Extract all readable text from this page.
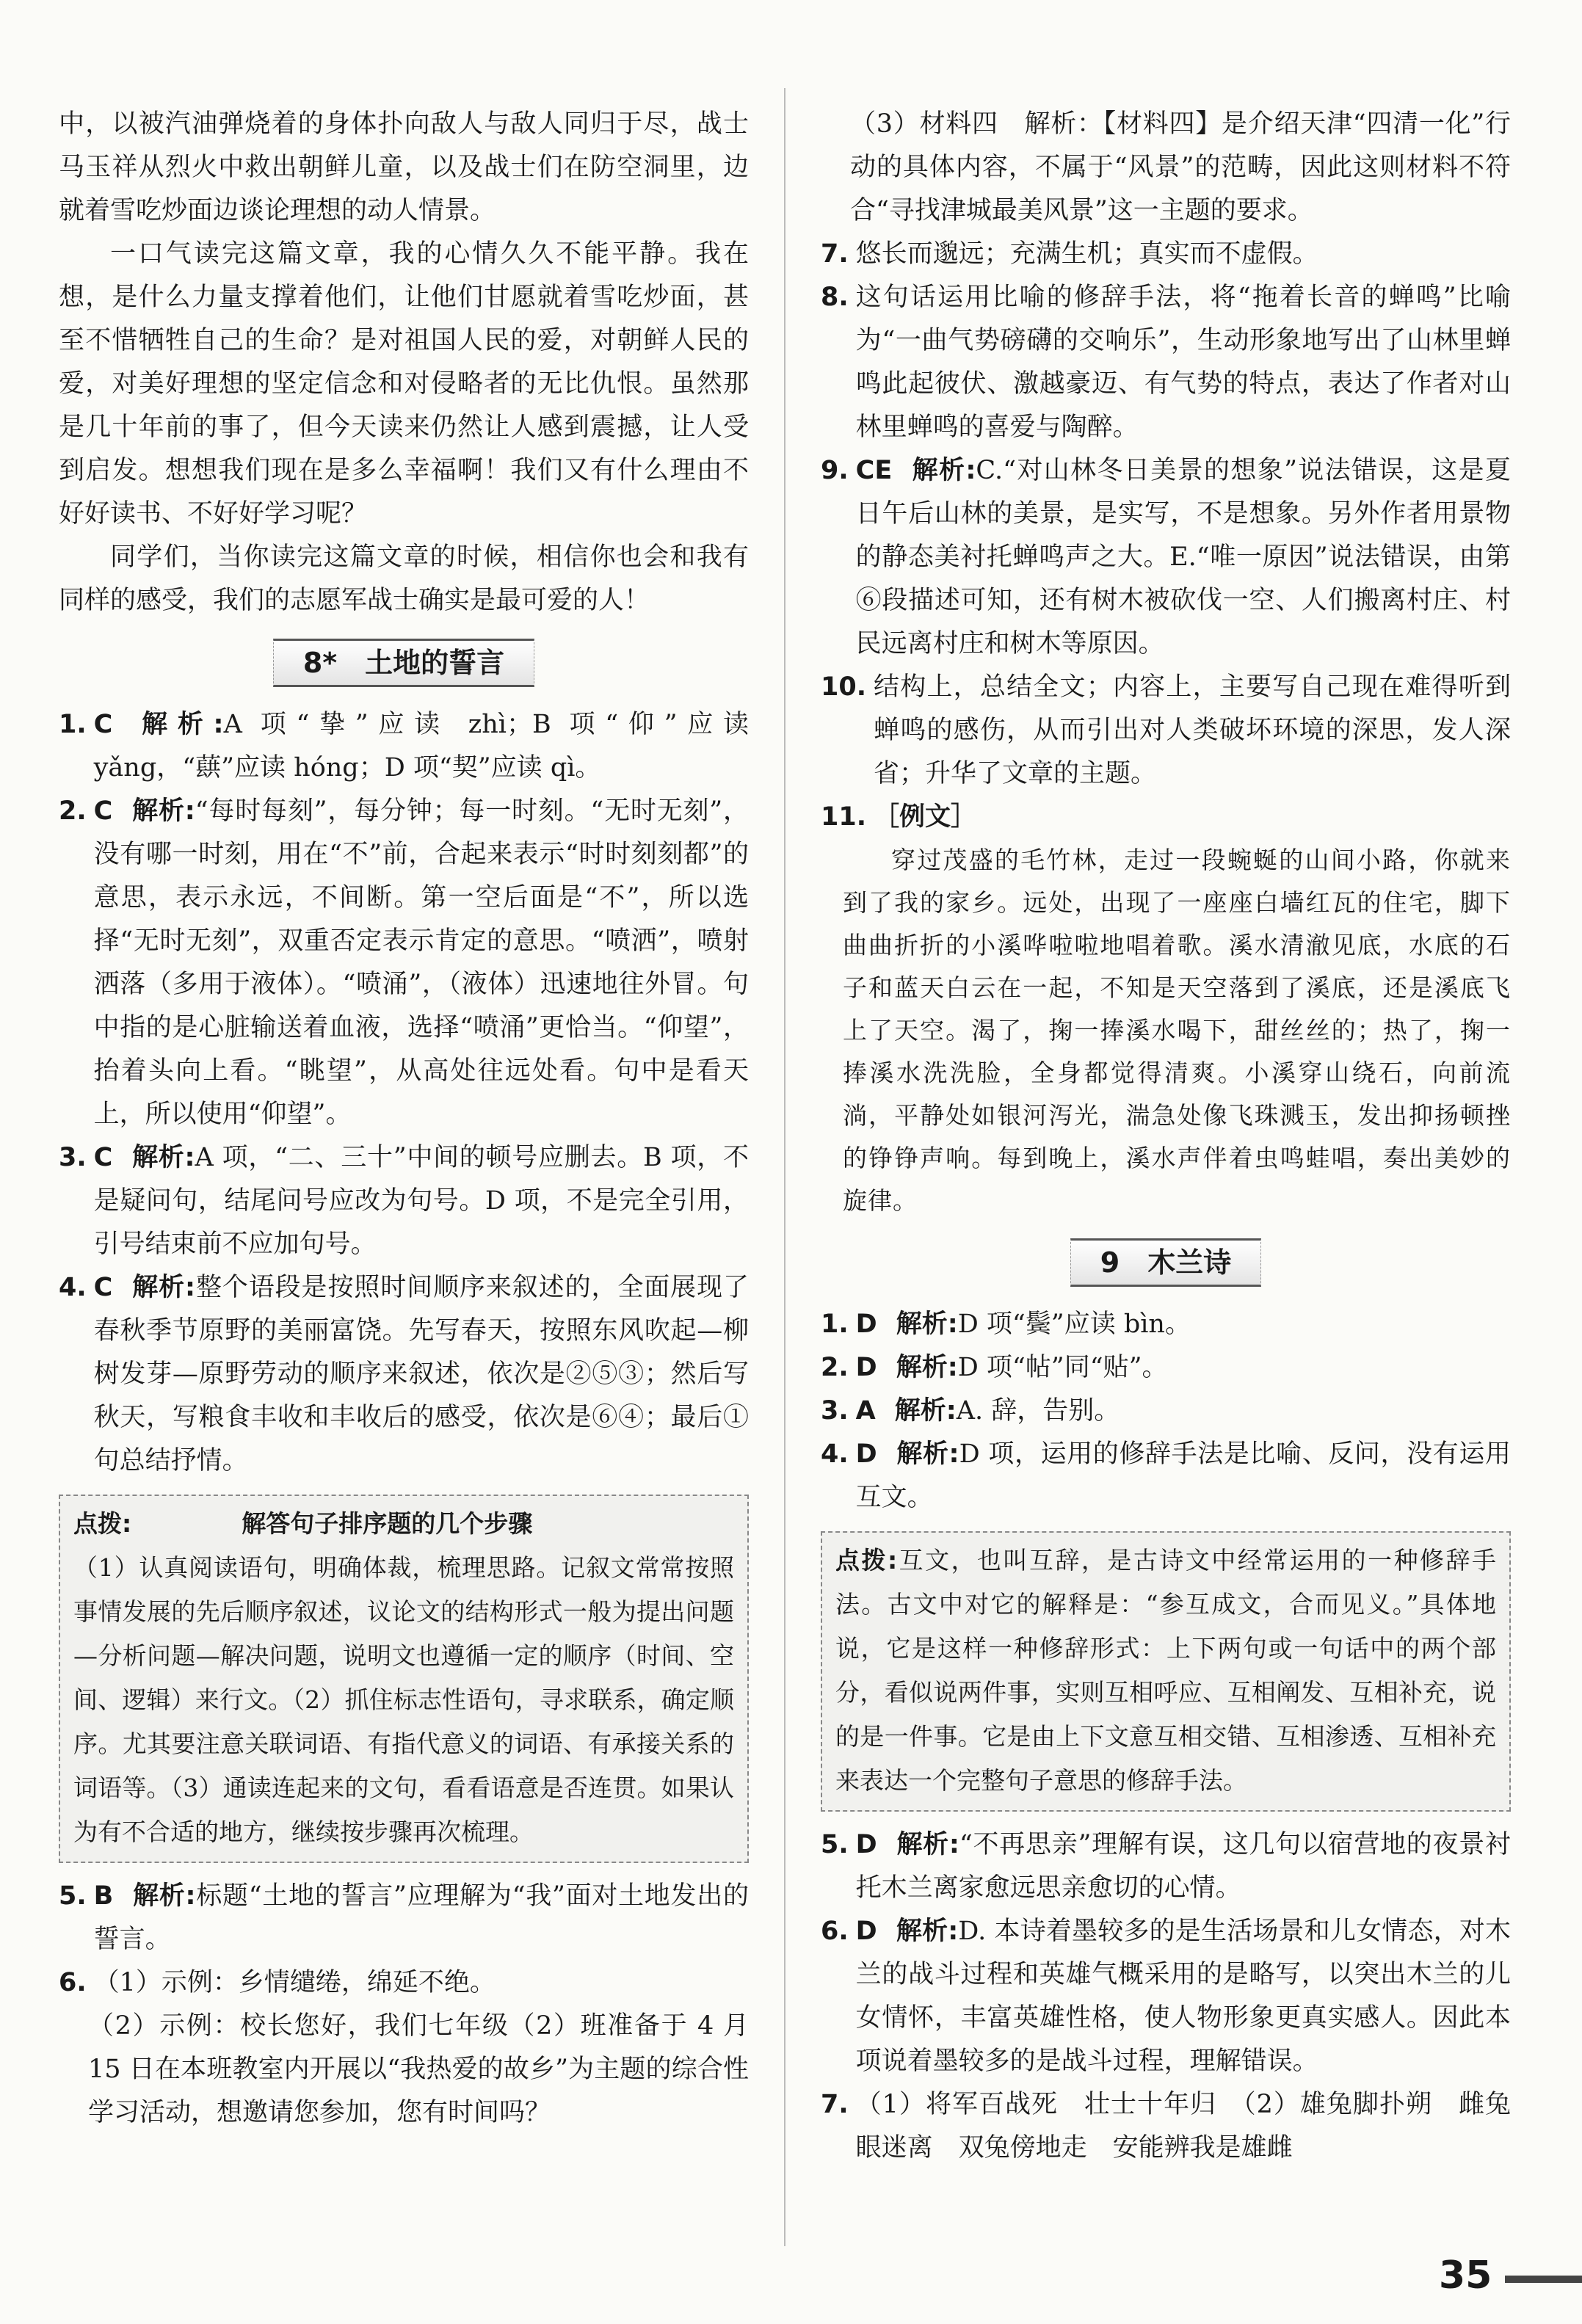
中，以被汽油弹烧着的身体扑向敌人与敌人同归于尽，战士马玉祥从烈火中救出朝鲜儿童，以及战士们在防空洞里，边就着雪吃炒面边谈论理想的动人情景。

一口气读完这篇文章，我的心情久久不能平静。我在想，是什么力量支撑着他们，让他们甘愿就着雪吃炒面，甚至不惜牺牲自己的生命？是对祖国人民的爱，对朝鲜人民的爱，对美好理想的坚定信念和对侵略者的无比仇恨。虽然那是几十年前的事了，但今天读来仍然让人感到震撼，让人受到启发。想想我们现在是多么幸福啊！我们又有什么理由不好好读书、不好好学习呢？

同学们，当你读完这篇文章的时候，相信你也会和我有同样的感受，我们的志愿军战士确实是最可爱的人！

8*　土地的誓言
1. C 解析:A 项“挚”应读 zhì；B 项“仰”应读 yǎng，“蕻”应读 hóng；D 项“契”应读 qì。
2. C 解析:“每时每刻”，每分钟；每一时刻。“无时无刻”，没有哪一时刻，用在“不”前，合起来表示“时时刻刻都”的意思，表示永远，不间断。第一空后面是“不”，所以选择“无时无刻”，双重否定表示肯定的意思。“喷洒”，喷射洒落（多用于液体）。“喷涌”，（液体）迅速地往外冒。句中指的是心脏输送着血液，选择“喷涌”更恰当。“仰望”，抬着头向上看。“眺望”，从高处往远处看。句中是看天上，所以使用“仰望”。
3. C 解析:A 项，“二、三十”中间的顿号应删去。B 项，不是疑问句，结尾问号应改为句号。D 项，不是完全引用，引号结束前不应加句号。
4. C 解析:整个语段是按照时间顺序来叙述的，全面展现了春秋季节原野的美丽富饶。先写春天，按照东风吹起—柳树发芽—原野劳动的顺序来叙述，依次是②⑤③；然后写秋天，写粮食丰收和丰收后的感受，依次是⑥④；最后①句总结抒情。
点拨:	解答句子排序题的几个步骤
（1）认真阅读语句，明确体裁，梳理思路。记叙文常常按照事情发展的先后顺序叙述，议论文的结构形式一般为提出问题—分析问题—解决问题，说明文也遵循一定的顺序（时间、空间、逻辑）来行文。（2）抓住标志性语句，寻求联系，确定顺序。尤其要注意关联词语、有指代意义的词语、有承接关系的词语等。（3）通读连起来的文句，看看语意是否连贯。如果认为有不合适的地方，继续按步骤再次梳理。
5. B 解析:标题“土地的誓言”应理解为“我”面对土地发出的誓言。
6. （1）示例：乡情缱绻，绵延不绝。

（2）示例：校长您好，我们七年级（2）班准备于 4 月 15 日在本班教室内开展以“我热爱的故乡”为主题的综合性学习活动，想邀请您参加，您有时间吗？

（3）材料四　解析：【材料四】是介绍天津“四清一化”行动的具体内容，不属于“风景”的范畴，因此这则材料不符合“寻找津城最美风景”这一主题的要求。

7. 悠长而邈远；充满生机；真实而不虚假。
8. 这句话运用比喻的修辞手法，将“拖着长音的蝉鸣”比喻为“一曲气势磅礴的交响乐”，生动形象地写出了山林里蝉鸣此起彼伏、激越豪迈、有气势的特点，表达了作者对山林里蝉鸣的喜爱与陶醉。
9. CE 解析:C.“对山林冬日美景的想象”说法错误，这是夏日午后山林的美景，是实写，不是想象。另外作者用景物的静态美衬托蝉鸣声之大。E.“唯一原因”说法错误，由第⑥段描述可知，还有树木被砍伐一空、人们搬离村庄、村民远离村庄和树木等原因。
10. 结构上，总结全文；内容上，主要写自己现在难得听到蝉鸣的感伤，从而引出对人类破坏环境的深思，发人深省；升华了文章的主题。
11. ［例文］

穿过茂盛的毛竹林，走过一段蜿蜒的山间小路，你就来到了我的家乡。远处，出现了一座座白墙红瓦的住宅，脚下曲曲折折的小溪哗啦啦地唱着歌。溪水清澈见底，水底的石子和蓝天白云在一起，不知是天空落到了溪底，还是溪底飞上了天空。渴了，掬一捧溪水喝下，甜丝丝的；热了，掬一捧溪水洗洗脸，全身都觉得清爽。小溪穿山绕石，向前流淌，平静处如银河泻光，湍急处像飞珠溅玉，发出抑扬顿挫的铮铮声响。每到晚上，溪水声伴着虫鸣蛙唱，奏出美妙的旋律。

9　木兰诗
1. D 解析:D 项“鬓”应读 bìn。
2. D 解析:D 项“帖”同“贴”。
3. A 解析:A. 辞，告别。
4. D 解析:D 项，运用的修辞手法是比喻、反问，没有运用互文。
点拨:互文，也叫互辞，是古诗文中经常运用的一种修辞手法。古文中对它的解释是：“参互成文，合而见义。”具体地说，它是这样一种修辞形式：上下两句或一句话中的两个部分，看似说两件事，实则互相呼应、互相阐发、互相补充，说的是一件事。它是由上下文意互相交错、互相渗透、互相补充来表达一个完整句子意思的修辞手法。
5. D 解析:“不再思亲”理解有误，这几句以宿营地的夜景衬托木兰离家愈远思亲愈切的心情。
6. D 解析:D. 本诗着墨较多的是生活场景和儿女情态，对木兰的战斗过程和英雄气概采用的是略写，以突出木兰的儿女情怀，丰富英雄性格，使人物形象更真实感人。因此本项说着墨较多的是战斗过程，理解错误。
7. （1）将军百战死　壮士十年归　（2）雄兔脚扑朔　雌兔眼迷离　双兔傍地走　安能辨我是雄雌
35
